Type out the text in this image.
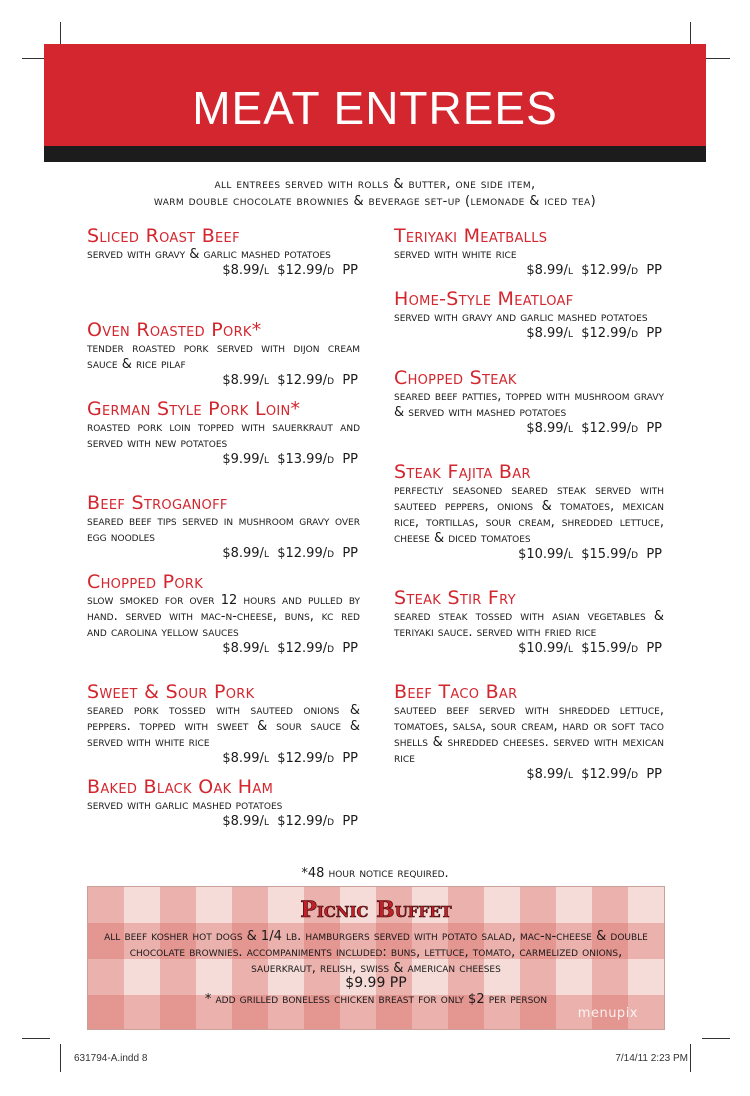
MEAT ENTREES
all entrees served with rolls & butter, one side item,
warm double chocolate brownies & beverage set-up (lemonade & iced tea)
Sliced Roast Beef
served with gravy & garlic mashed potatoes
$8.99/l $12.99/d PP
Oven Roasted Pork*
tender roasted pork served with dijon cream sauce & rice pilaf
$8.99/l $12.99/d PP
German Style Pork Loin*
roasted pork loin topped with sauerkraut and served with new potatoes
$9.99/l $13.99/d PP
Beef Stroganoff
seared beef tips served in mushroom gravy over egg noodles
$8.99/l $12.99/d PP
Chopped Pork
slow smoked for over 12 hours and pulled by hand. served with mac-n-cheese, buns, kc red and carolina yellow sauces
$8.99/l $12.99/d PP
Sweet & Sour Pork
seared pork tossed with sauteed onions & peppers. topped with sweet & sour sauce & served with white rice
$8.99/l $12.99/d PP
Baked Black Oak Ham
served with garlic mashed potatoes
$8.99/l $12.99/d PP
Teriyaki Meatballs
served with white rice
$8.99/l $12.99/d PP
Home-Style Meatloaf
served with gravy and garlic mashed potatoes
$8.99/l $12.99/d PP
Chopped Steak
seared beef patties, topped with mushroom gravy & served with mashed potatoes
$8.99/l $12.99/d PP
Steak Fajita Bar
perfectly seasoned seared steak served with sauteed peppers, onions & tomatoes, mexican rice, tortillas, sour cream, shredded lettuce, cheese & diced tomatoes
$10.99/l $15.99/d PP
Steak Stir Fry
seared steak tossed with asian vegetables & teriyaki sauce. served with fried rice
$10.99/l $15.99/d PP
Beef Taco Bar
sauteed beef served with shredded lettuce, tomatoes, salsa, sour cream, hard or soft taco shells & shredded cheeses. served with mexican rice
$8.99/l $12.99/d PP
*48 hour notice required.
Picnic Buffet
all beef kosher hot dogs & 1/4 lb. hamburgers served with potato salad, mac-n-cheese & double chocolate brownies. accompaniments included: buns, lettuce, tomato, carmelized onions, sauerkraut, relish, swiss & american cheeses
$9.99 PP
* add grilled boneless chicken breast for only $2 per person
menupix
631794-A.indd 8	7/14/11 2:23 PM
